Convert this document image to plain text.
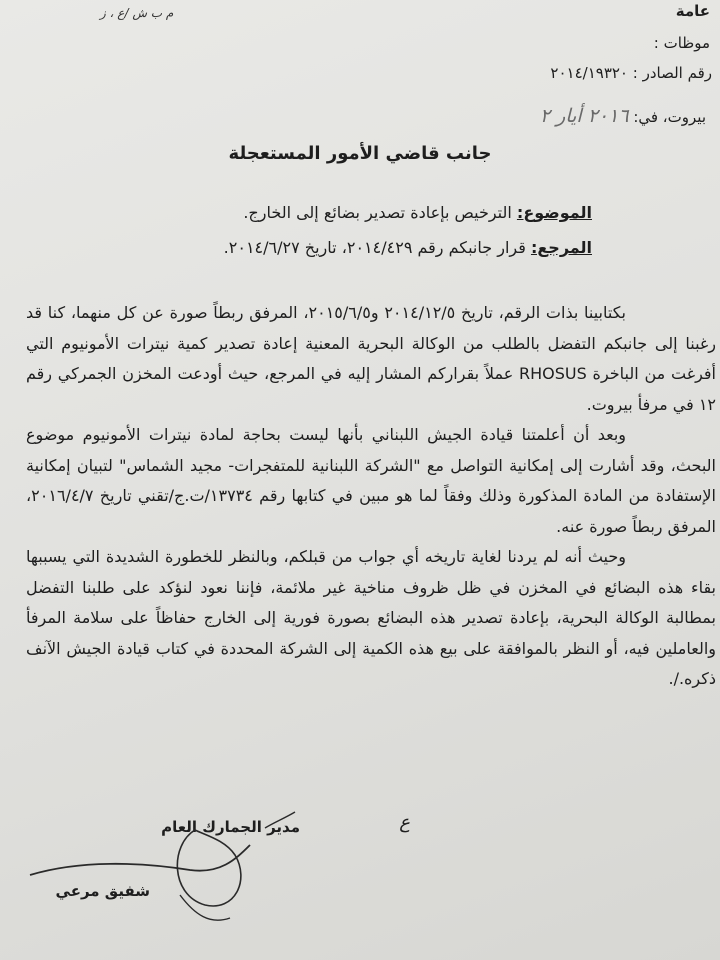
عامة
موظات :
رقم الصادر : ٢٠١٤/١٩٣٢٠
م ب ش /ع ، ز
بيروت، في: ٢٠١٦ أيار ٢
جانب قاضي الأمور المستعجلة
الموضوع: الترخيص بإعادة تصدير بضائع إلى الخارج.
المرجع: قرار جانبكم رقم ٢٠١٤/٤٢٩، تاريخ ٢٠١٤/٦/٢٧.

بكتابينا بذات الرقم، تاريخ ٢٠١٤/١٢/٥ و٢٠١٥/٦/٥، المرفق ربطاً صورة عن كل منهما، كنا قد رغبنا إلى جانبكم التفضل بالطلب من الوكالة البحرية المعنية إعادة تصدير كمية نيترات الأمونيوم التي أفرغت من الباخرة RHOSUS عملاً بقراركم المشار إليه في المرجع، حيث أودعت المخزن الجمركي رقم ١٢ في مرفأ بيروت.

وبعد أن أعلمتنا قيادة الجيش اللبناني بأنها ليست بحاجة لمادة نيترات الأمونيوم موضوع البحث، وقد أشارت إلى إمكانية التواصل مع "الشركة اللبنانية للمتفجرات- مجيد الشماس" لتبيان إمكانية الإستفادة من المادة المذكورة وذلك وفقاً لما هو مبين في كتابها رقم ١٣٧٣٤/ت.ج/تقني تاريخ ٢٠١٦/٤/٧، المرفق ربطاً صورة عنه.

وحيث أنه لم يردنا لغاية تاريخه أي جواب من قبلكم، وبالنظر للخطورة الشديدة التي يسببها بقاء هذه البضائع في المخزن في ظل ظروف مناخية غير ملائمة، فإننا نعود لنؤكد على طلبنا التفضل بمطالبة الوكالة البحرية، بإعادة تصدير هذه البضائع بصورة فورية إلى الخارج حفاظاً على سلامة المرفأ والعاملين فيه، أو النظر بالموافقة على بيع هذه الكمية إلى الشركة المحددة في كتاب قيادة الجيش الآنف ذكره./.

ع
مدير الجمارك العام
شفيق مرعي
